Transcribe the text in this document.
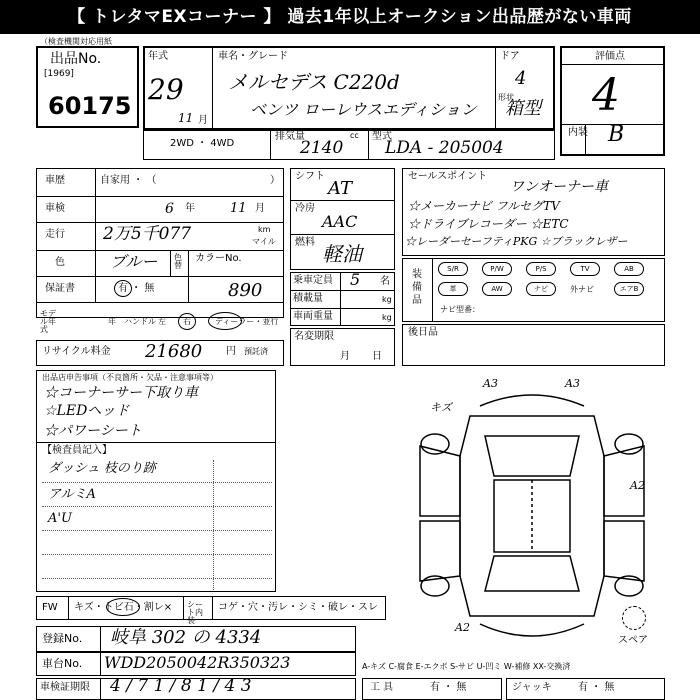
【 トレタマEXコーナー 】 過去1年以上オークション出品歴がない車両
（検査機関対応用紙
出品No.
[1969]
60175
年式
29
11 月
車名・グレード
メルセデス C220d
ベンツ ローレウスエディション
ドア
4
形状
箱型
評価点
4
内装 B
2WD ・ 4WD
排気量	cc
2140
型式
LDA - 205004
車歴	自家用 ・ （	）
車検	6 年	11 月
走行 2万5千077	km
マイル
色	ブルー 色替
カラーNo.
890
保証書	有 ・ 無
モデル年式
年 ハンドル 左 右	ディーラー・並行
リサイクル料金 21680 円 預託済
シフト
AT
冷房
AAC
燃料 軽油
乗車定員 5 名
積載量	kg
車両重量	kg
名変期限
月日
セールスポイント
ワンオーナー車
☆メーカーナビ フルセグTV
☆ドライブレコーダー ☆ETC
☆レーダーセーフティPKG ☆ブラックレザー
装備品
S/R	P/W	P/S	TV	AB
革	AW	ナビ	外ナビ	エアB
ナビ型番：
後日品
出品店申告事項（不良箇所・欠品・注意事項等）
☆コーナーサー下取り車
☆LEDヘッド
☆パワーシート
【検査員記入】
ダッシュ 枝のり跡
アルミA
A'U
A3	A3
キズ
A2
A2
スペア
FW キズ・トビ石・割レ× シート内装
コゲ・穴・汚レ・シミ・破レ・スレ
登録No. 岐阜 302 の 4334
車台No. WDD2050042R350323	A-キズ C-腐食 E-エクボ S-サビ U-凹ミ W-補修 XX-交換済
車検証期限 4 / 7 1 / 8 1 / 4 3	工 具	有 ・ 無	ジャッキ	有 ・ 無
